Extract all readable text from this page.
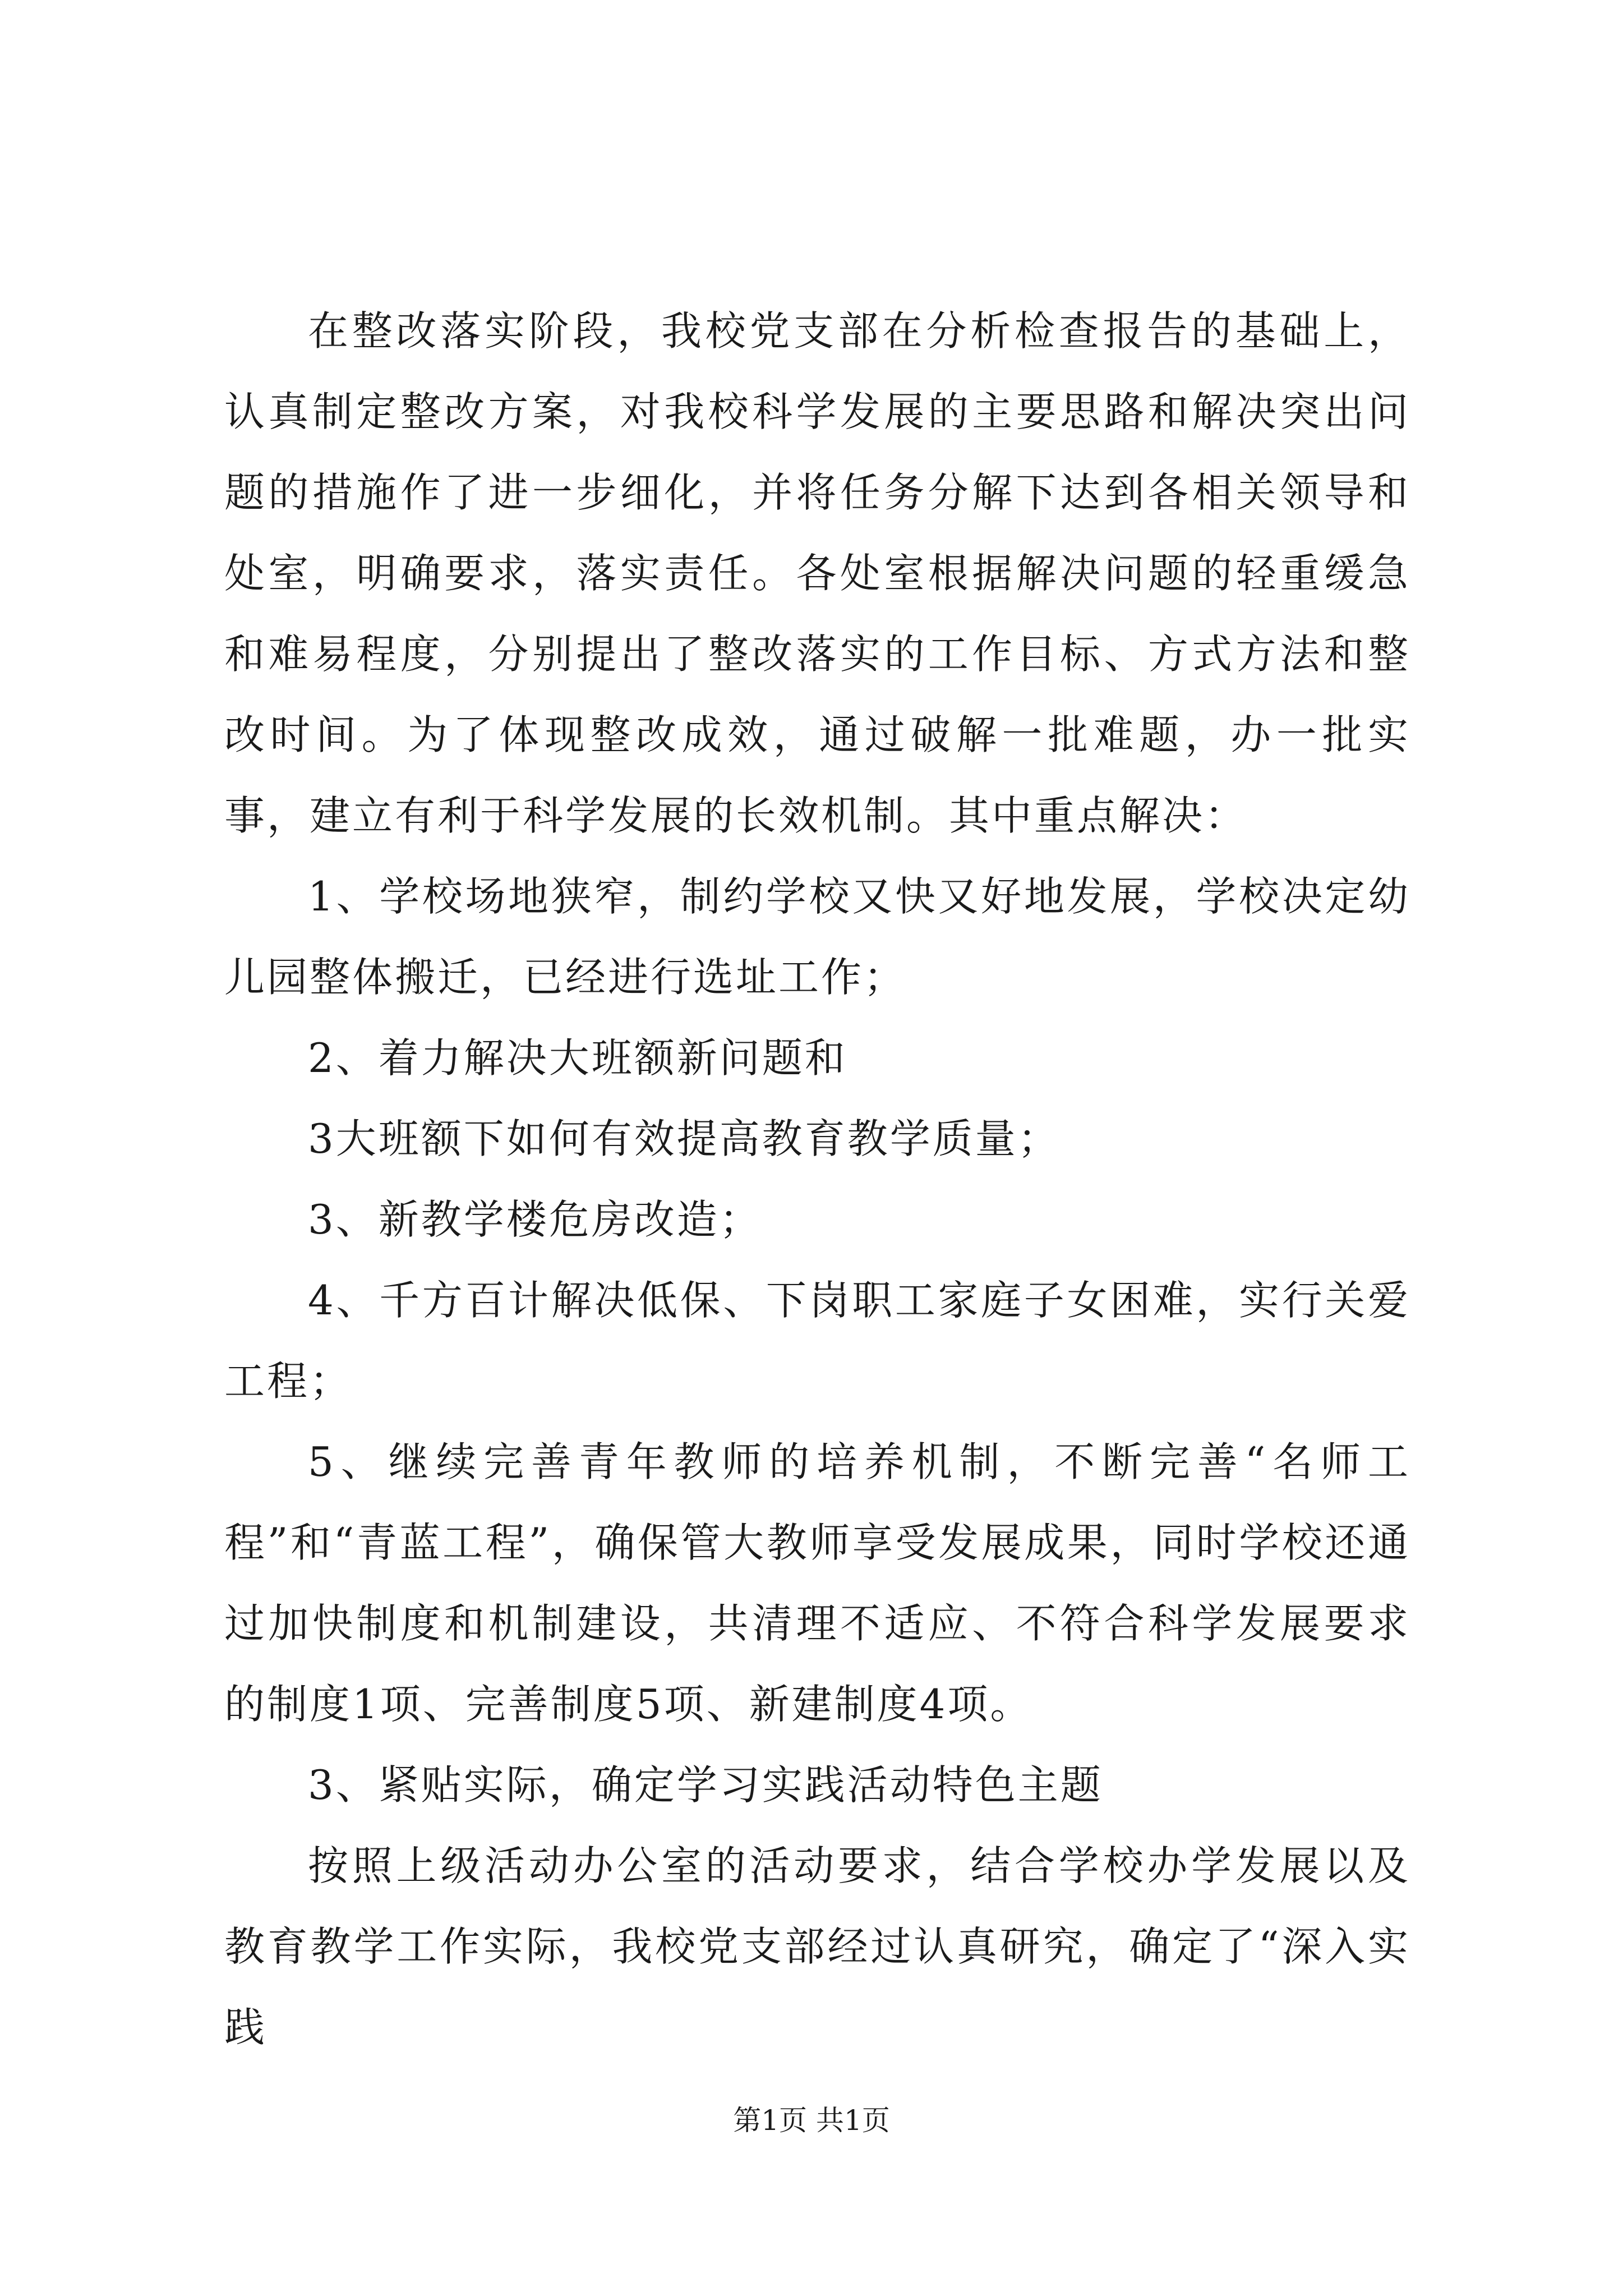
在整改落实阶段，我校党支部在分析检查报告的基础上，认真制定整改方案，对我校科学发展的主要思路和解决突出问题的措施作了进一步细化，并将任务分解下达到各相关领导和处室，明确要求，落实责任。各处室根据解决问题的轻重缓急和难易程度，分别提出了整改落实的工作目标、方式方法和整改时间。为了体现整改成效，通过破解一批难题，办一批实事，建立有利于科学发展的长效机制。其中重点解决：

1、学校场地狭窄，制约学校又快又好地发展，学校决定幼儿园整体搬迁，已经进行选址工作；

2、着力解决大班额新问题和

3大班额下如何有效提高教育教学质量；

3、新教学楼危房改造；

4、千方百计解决低保、下岗职工家庭子女困难，实行关爱工程；

5、继续完善青年教师的培养机制，不断完善“名师工程”和“青蓝工程”，确保管大教师享受发展成果，同时学校还通过加快制度和机制建设，共清理不适应、不符合科学发展要求的制度1项、完善制度5项、新建制度4项。

3、紧贴实际，确定学习实践活动特色主题

按照上级活动办公室的活动要求，结合学校办学发展以及教育教学工作实际，我校党支部经过认真研究，确定了“深入实践

第1页 共1页
